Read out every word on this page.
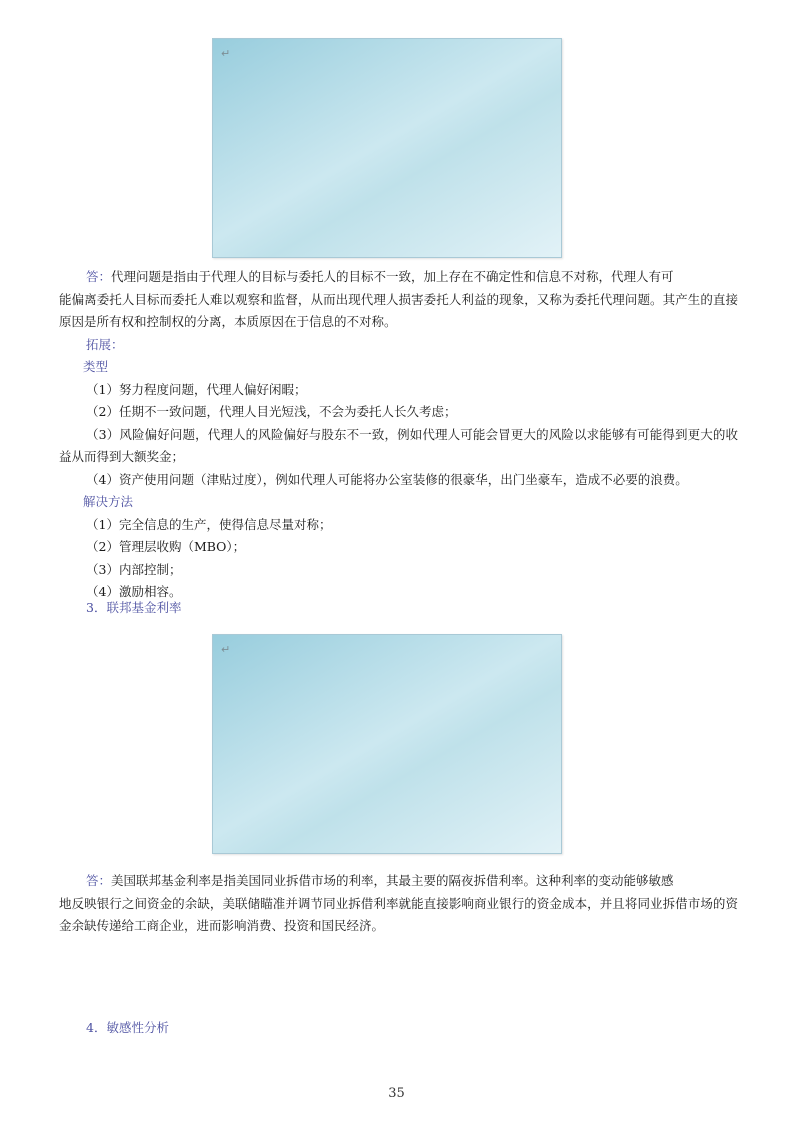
↵

答：代理问题是指由于代理人的目标与委托人的目标不一致，加上存在不确定性和信息不对称，代理人有可

能偏离委托人目标而委托人难以观察和监督，从而出现代理人损害委托人利益的现象，又称为委托代理问题。其产生的直接原因是所有权和控制权的分离，本质原因在于信息的不对称。

拓展：

类型

（1）努力程度问题，代理人偏好闲暇；

（2）任期不一致问题，代理人目光短浅，不会为委托人长久考虑；

（3）风险偏好问题，代理人的风险偏好与股东不一致，例如代理人可能会冒更大的风险以求能够有可能得到更大的收益从而得到大额奖金；

（4）资产使用问题（津贴过度），例如代理人可能将办公室装修的很豪华，出门坐豪车，造成不必要的浪费。

解决方法

（1）完全信息的生产，使得信息尽量对称；

（2）管理层收购（MBO）；

（3）内部控制；

（4）激励相容。

3．联邦基金利率
↵

答：美国联邦基金利率是指美国同业拆借市场的利率，其最主要的隔夜拆借利率。这种利率的变动能够敏感

地反映银行之间资金的余缺，美联储瞄准并调节同业拆借利率就能直接影响商业银行的资金成本，并且将同业拆借市场的资金余缺传递给工商企业，进而影响消费、投资和国民经济。

4．敏感性分析
35
